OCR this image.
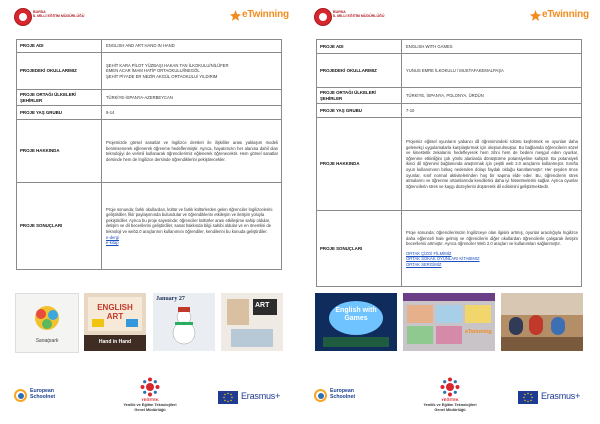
BURSA
İL MİLLİ EĞİTİM MÜDÜRLÜĞÜ	eTwinning
PROJE ADI	ENGLISH AND ART HAND IN HAND
PROJEDEKİ OKULLARIMIZ	ŞEHİT KARA PİLOT YÜZBAŞI HAKAN TAN İLKOKULU/NİLÜFER
EMEN ACAR İMAM HATİP ORTAOKULU/İNEGÖL
ŞEHİT PİYADE ER NEZİR AKGÜL ORTAOKULU/ YILDIRIM

PROJE ORTAĞI ÜLKELER/ŞEHİRLER	TÜRKİYE-İSPANYA-AZERBEYCAN
PROJE YAŞ GRUBU	9-14
PROJE HAKKINDA	Projemizde görsel sanatlar ve İngilizce dersleri ile ilişkililer arası yaklaşım modeli benimsenerek eğlenerek öğrenme hedeflenmiştir. Ayrıca, hayatımızın her alanına dahil olan teknolojiyi de verimli kullanarak öğrencilerimiz eğlenerek öğrenecektir. Hem görsel sanatlar dersinde hem de İngilizce dersinde öğrendiklerini pekiştirecekler.
PROJE SONUÇLARI	Proje sonunda; farklı okullardan, kültür ve farklı kültürlerden gelen öğrenciler İngilizcelerini geliştirdiler, fikir paylaşımında bulundular ve öğrendiklerini etkileşim ve iletişim yoluyla pekiştirdiler. Ayrıca bu proje sayesinde; öğrenciler kültürler arası etkileşime sahip oldular, iletişim ve dil becerilerini geliştirdiler, sanat hakkında bilgi sahibi oldular ve en önemlisi de teknoloji ve web2.0 araçlarının kullanımını öğrendiler, kendilerini bu konuda geliştirdiler.
e-dergi
e-kitap
Sanatpark
ENGLISH ART
Hand in Hand
January 27
ART
European
Schoolnet	YEĞİTEK
Yenilik ve Eğitim Teknolojileri
Genel Müdürlüğü
Erasmus+
BURSA
İL MİLLİ EĞİTİM MÜDÜRLÜĞÜ	eTwinning
PROJE ADI	ENGLISH WITH GAMES
PROJEDEKİ OKULLARIMIZ	YUNUS EMRE İLKOKULU / MUSTAFAKEMALPAŞA
PROJE ORTAĞI ÜLKELER/ŞEHİRLER	TÜRKİYE, İSPANYA, POLONYA, ÜRDÜN
PROJE YAŞ GRUBU	7-10
PROJE HAKKINDA	Projemiz eğitsel oyunların yabancı dil öğrenimindeki rolünü keşfetmek ve oyunları daha gelenekçi uygulamalarla karşılaştırmak için oluşturulmuştur. Bu bağlamda öğrencilerin sözel ve kinestetik zekalarını hedefleyerek hem zihni hem de bedeni meşgul eden oyunlar, öğrenme etkinliğini çok yönlü alanlarda dönüştürme potansiyeline sahiptir. Bu potansiyeli ikinci dil öğrenimi bağlamında araştırmak için çeşitli web 2.0 araçlarını kullanmıştır. Sınıfta oyun kullanımının birkaç nedenden dolayı faydalı olduğu kanıtlanmıştır: Her şeyden önce oyunlar, sınıf normal aktivitelerinden hoş bir sapma elde eder. Bu, öğrencilerin stres atmalarını ve öğrenme ortamlarında kendilerini daha iyi hissetmelerini sağlar. Ayrıca oyunlar öğrencilerin stres ve kaygı düzeylerini düşürerek dil edinimini geliştirmektedir.
PROJE SONUÇLARI	Proje sonunda; öğrencilerimizin İngilizceye olan ilgisini artmış, oyunlar aracılığıyla İngilizce daha eğlenceli hale gelmiş ve öğrencilerin diğer okullardan öğrencilerle çalışarak iletişim becerilerini artmıştır. Ayrıca öğrenciler Web 2.0 araçları ve kullanımları sağlanmıştır.
ORTAK ÇİZGİ FİLMİMİZ
ORTAK SÖKAK OYUNLARI KİTABIMIZ
ORTAK SERGİMİZ
English with Games
eTwinning
European
Schoolnet	YEĞİTEK
Yenilik ve Eğitim Teknolojileri
Genel Müdürlüğü
Erasmus+
